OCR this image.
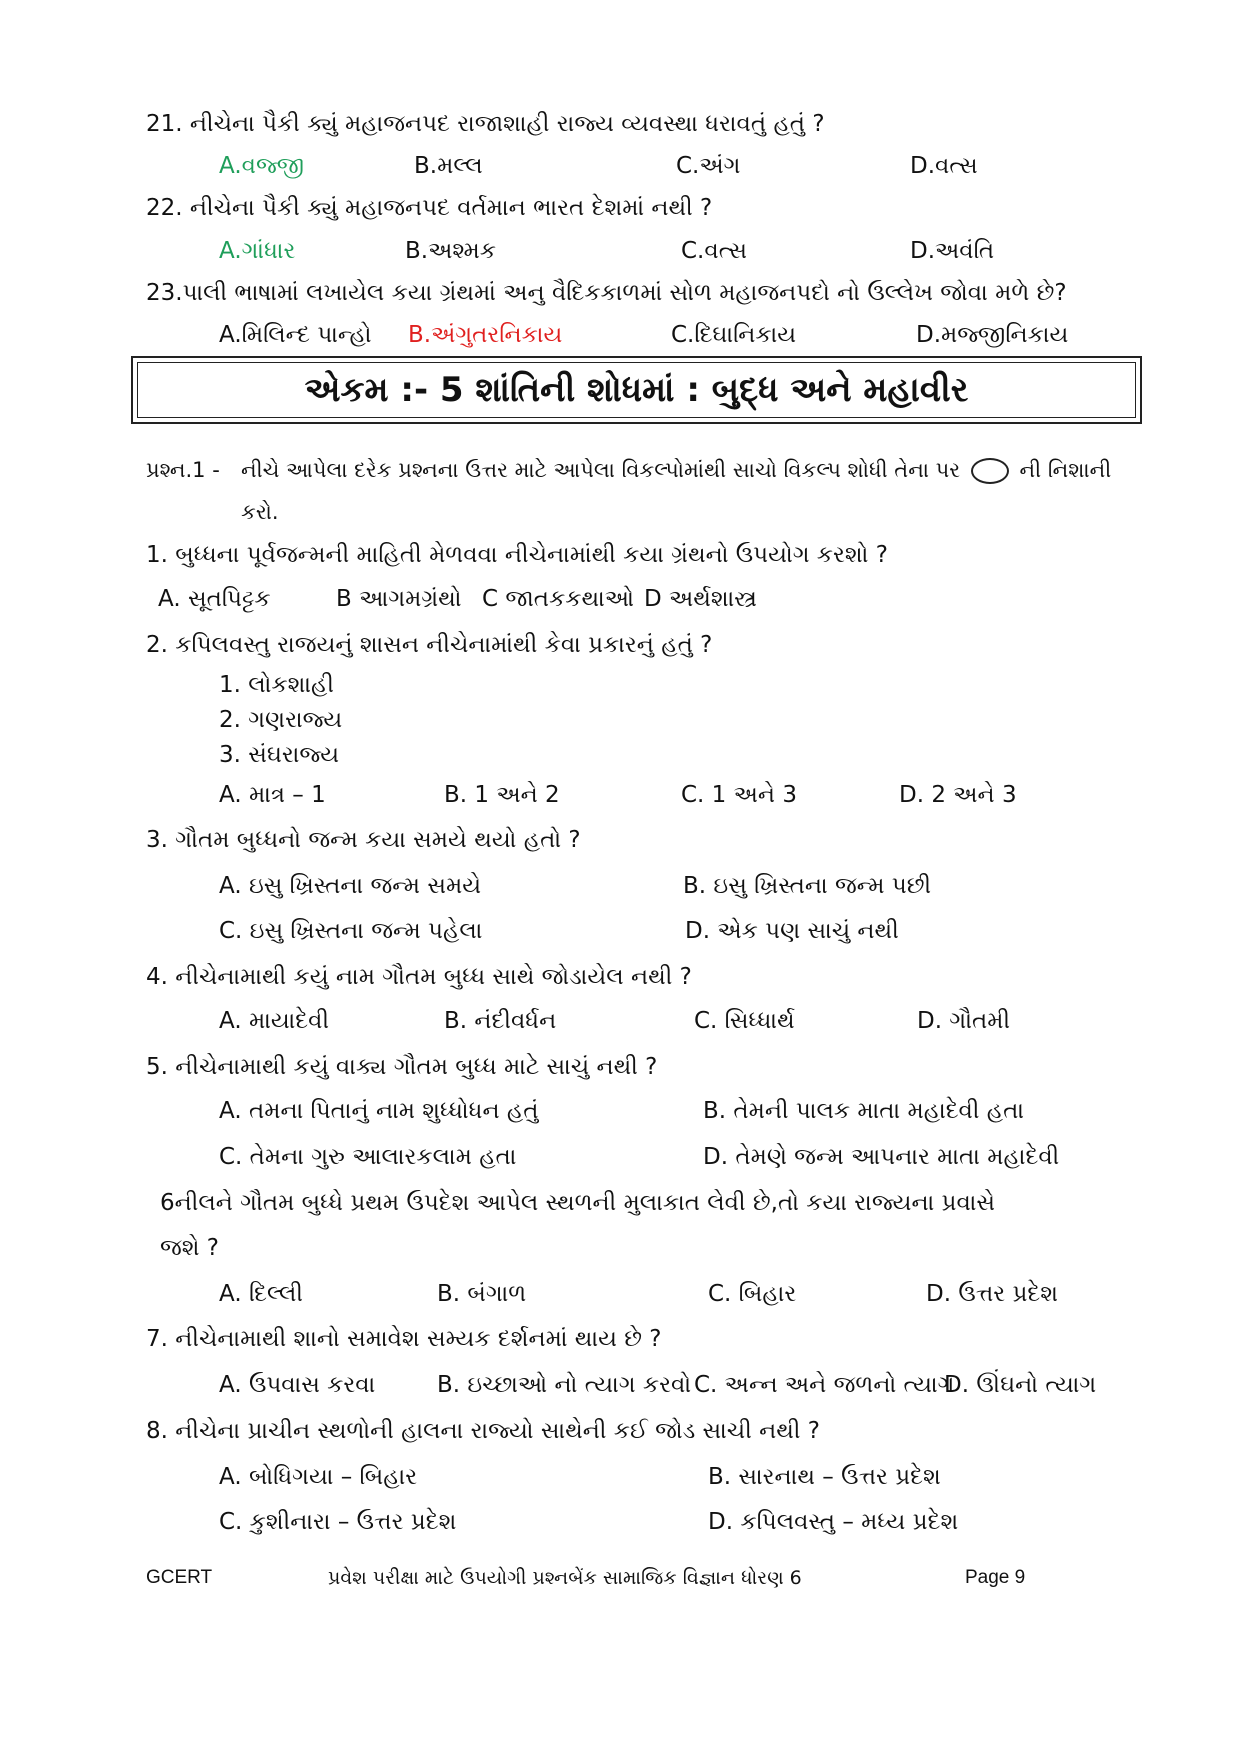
21. નીચેના પૈકી ક્યું મહાજનપદ રાજાશાહી રાજ્ય વ્યવસ્થા ધરાવતું હતું ?
A.વજ્જી	B.મલ્લ	C.અંગ	D.વત્સ
22. નીચેના પૈકી ક્યું મહાજનપદ વર્તમાન ભારત દેશમાં નથી ?
A.ગાંધાર	B.અશ્મક	C.વત્સ	D.અવંતિ
23.પાલી ભાષામાં લખાયેલ કયા ગ્રંથમાં અનુ વૈદિકકાળમાં સોળ મહાજનપદો નો ઉલ્લેખ જોવા મળે છે?
A.મિલિન્દ પાન્હો B.અંગુતરનિકાય	C.દિઘાનિકાય	D.મજ્જીનિકાય
એકમ :- 5 શાંતિની શોધમાં : બુદ્ધ અને મહાવીર
પ્રશ્ન.1 - નીચે આપેલા દરેક પ્રશ્નના ઉત્તર માટે આપેલા વિકલ્પોમાંથી સાચો વિકલ્પ શોધી તેના પર ○ ની નિશાની
કરો.
1. બુધ્ધના પૂર્વજન્મની માહિતી મેળવવા નીચેનામાંથી કયા ગ્રંથનો ઉપયોગ કરશો ?
A. સૂતપિટ્ટક	B આગમગ્રંથો C જાતકકથાઓ D અર્થશાસ્ત્ર
2. કપિલવસ્તુ રાજયનું શાસન નીચેનામાંથી કેવા પ્રકારનું હતું ?
1. લોકશાહી
2. ગણરાજ્ય
3. સંઘરાજ્ય
A. માત્ર – 1	B. 1 અને 2	C. 1 અને 3	D. 2 અને 3
3. ગૌતમ બુધ્ધનો જન્મ કયા સમયે થયો હતો ?
A. ઇસુ ખ્રિસ્તના જન્મ સમયે	B. ઇસુ ખ્રિસ્તના જન્મ પછી
C. ઇસુ ખ્રિસ્તના જન્મ પહેલા	D. એક પણ સાચું નથી
4. નીચેનામાથી કયું નામ ગૌતમ બુધ્ધ સાથે જોડાયેલ નથી ?
A. માયાદેવી	B. નંદીવર્ધન	C. સિધ્ધાર્થ	D. ગૌતમી
5. નીચેનામાથી કયું વાક્ય ગૌતમ બુધ્ધ માટે સાચું નથી ?
A. તમના પિતાનું નામ શુધ્ધોધન હતું	B. તેમની પાલક માતા મહાદેવી હતા
C. તેમના ગુરુ આલારકલામ હતા	D. તેમણે જન્મ આપનાર માતા મહાદેવી
6નીલને ગૌતમ બુધ્ધે પ્રથમ ઉપદેશ આપેલ સ્થળની મુલાકાત લેવી છે,તો કયા રાજ્યના પ્રવાસે
જશે ?
A. દિલ્લી	B. બંગાળ	C. બિહાર	D. ઉત્તર પ્રદેશ
7. નીચેનામાથી શાનો સમાવેશ સમ્યક દર્શનમાં થાય છે ?
A. ઉપવાસ કરવા	B. ઇચ્છાઓ નો ત્યાગ કરવો C. અન્ન અને જળનો ત્યાગ
D. ઊંઘનો ત્યાગ
8. નીચેના પ્રાચીન સ્થળોની હાલના રાજ્યો સાથેની કઈ જોડ સાચી નથી ?
A. બોધિગયા – બિહાર	B. સારનાથ – ઉત્તર પ્રદેશ
C. કુશીનારા – ઉત્તર પ્રદેશ	D. કપિલવસ્તુ – મધ્ય પ્રદેશ
GCERT	પ્રવેશ પરીક્ષા માટે ઉપયોગી પ્રશ્નબેંક સામાજિક વિજ્ઞાન ધોરણ 6	Page 9
